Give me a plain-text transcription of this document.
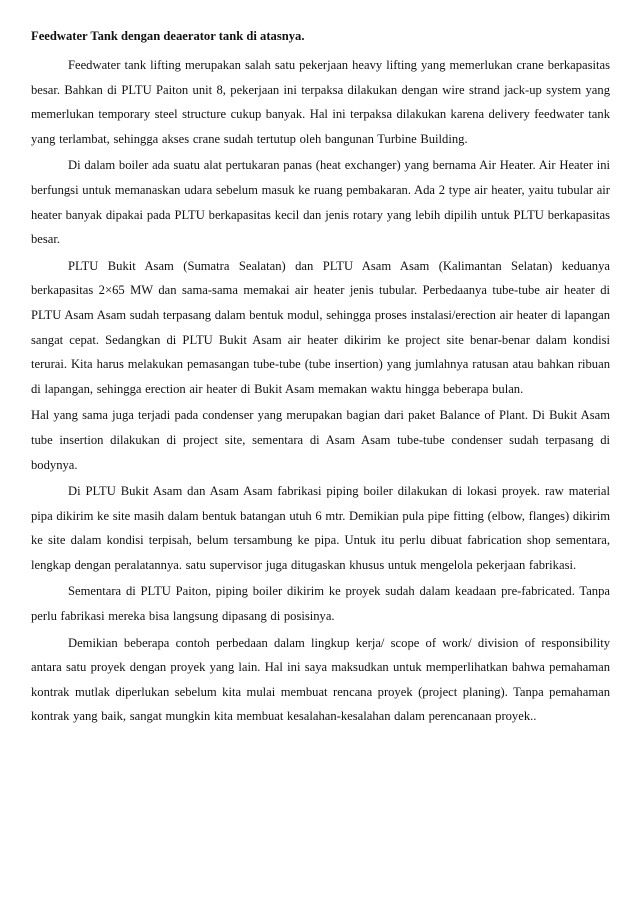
Feedwater Tank dengan deaerator tank di atasnya.

Feedwater tank lifting merupakan salah satu pekerjaan heavy lifting yang memerlukan crane berkapasitas besar. Bahkan di PLTU Paiton unit 8, pekerjaan ini terpaksa dilakukan dengan wire strand jack-up system yang memerlukan temporary steel structure cukup banyak. Hal ini terpaksa dilakukan karena delivery feedwater tank yang terlambat, sehingga akses crane sudah tertutup oleh bangunan Turbine Building.

Di dalam boiler ada suatu alat pertukaran panas (heat exchanger) yang bernama Air Heater. Air Heater ini berfungsi untuk memanaskan udara sebelum masuk ke ruang pembakaran. Ada 2 type air heater, yaitu tubular air heater banyak dipakai pada PLTU berkapasitas kecil dan jenis rotary yang lebih dipilih untuk PLTU berkapasitas besar.

PLTU Bukit Asam (Sumatra Sealatan) dan PLTU Asam Asam (Kalimantan Selatan) keduanya berkapasitas 2×65 MW dan sama-sama memakai air heater jenis tubular. Perbedaanya tube-tube air heater di PLTU Asam Asam sudah terpasang dalam bentuk modul, sehingga proses instalasi/erection air heater di lapangan sangat cepat. Sedangkan di PLTU Bukit Asam air heater dikirim ke project site benar-benar dalam kondisi terurai. Kita harus melakukan pemasangan tube-tube (tube insertion) yang jumlahnya ratusan atau bahkan ribuan di lapangan, sehingga erection air heater di Bukit Asam memakan waktu hingga beberapa bulan.

Hal yang sama juga terjadi pada condenser yang merupakan bagian dari paket Balance of Plant. Di Bukit Asam tube insertion dilakukan di project site, sementara di Asam Asam tube-tube condenser sudah terpasang di bodynya.

Di PLTU Bukit Asam dan Asam Asam fabrikasi piping boiler dilakukan di lokasi proyek. raw material pipa dikirim ke site masih dalam bentuk batangan utuh 6 mtr. Demikian pula pipe fitting (elbow, flanges) dikirim ke site dalam kondisi terpisah, belum tersambung ke pipa. Untuk itu perlu dibuat fabrication shop sementara, lengkap dengan peralatannya. satu supervisor juga ditugaskan khusus untuk mengelola pekerjaan fabrikasi.

Sementara di PLTU Paiton, piping boiler dikirim ke proyek sudah dalam keadaan pre-fabricated. Tanpa perlu fabrikasi mereka bisa langsung dipasang di posisinya.

Demikian beberapa contoh perbedaan dalam lingkup kerja/ scope of work/ division of responsibility antara satu proyek dengan proyek yang lain. Hal ini saya maksudkan untuk memperlihatkan bahwa pemahaman kontrak mutlak diperlukan sebelum kita mulai membuat rencana proyek (project planing). Tanpa pemahaman kontrak yang baik, sangat mungkin kita membuat kesalahan-kesalahan dalam perencanaan proyek..
